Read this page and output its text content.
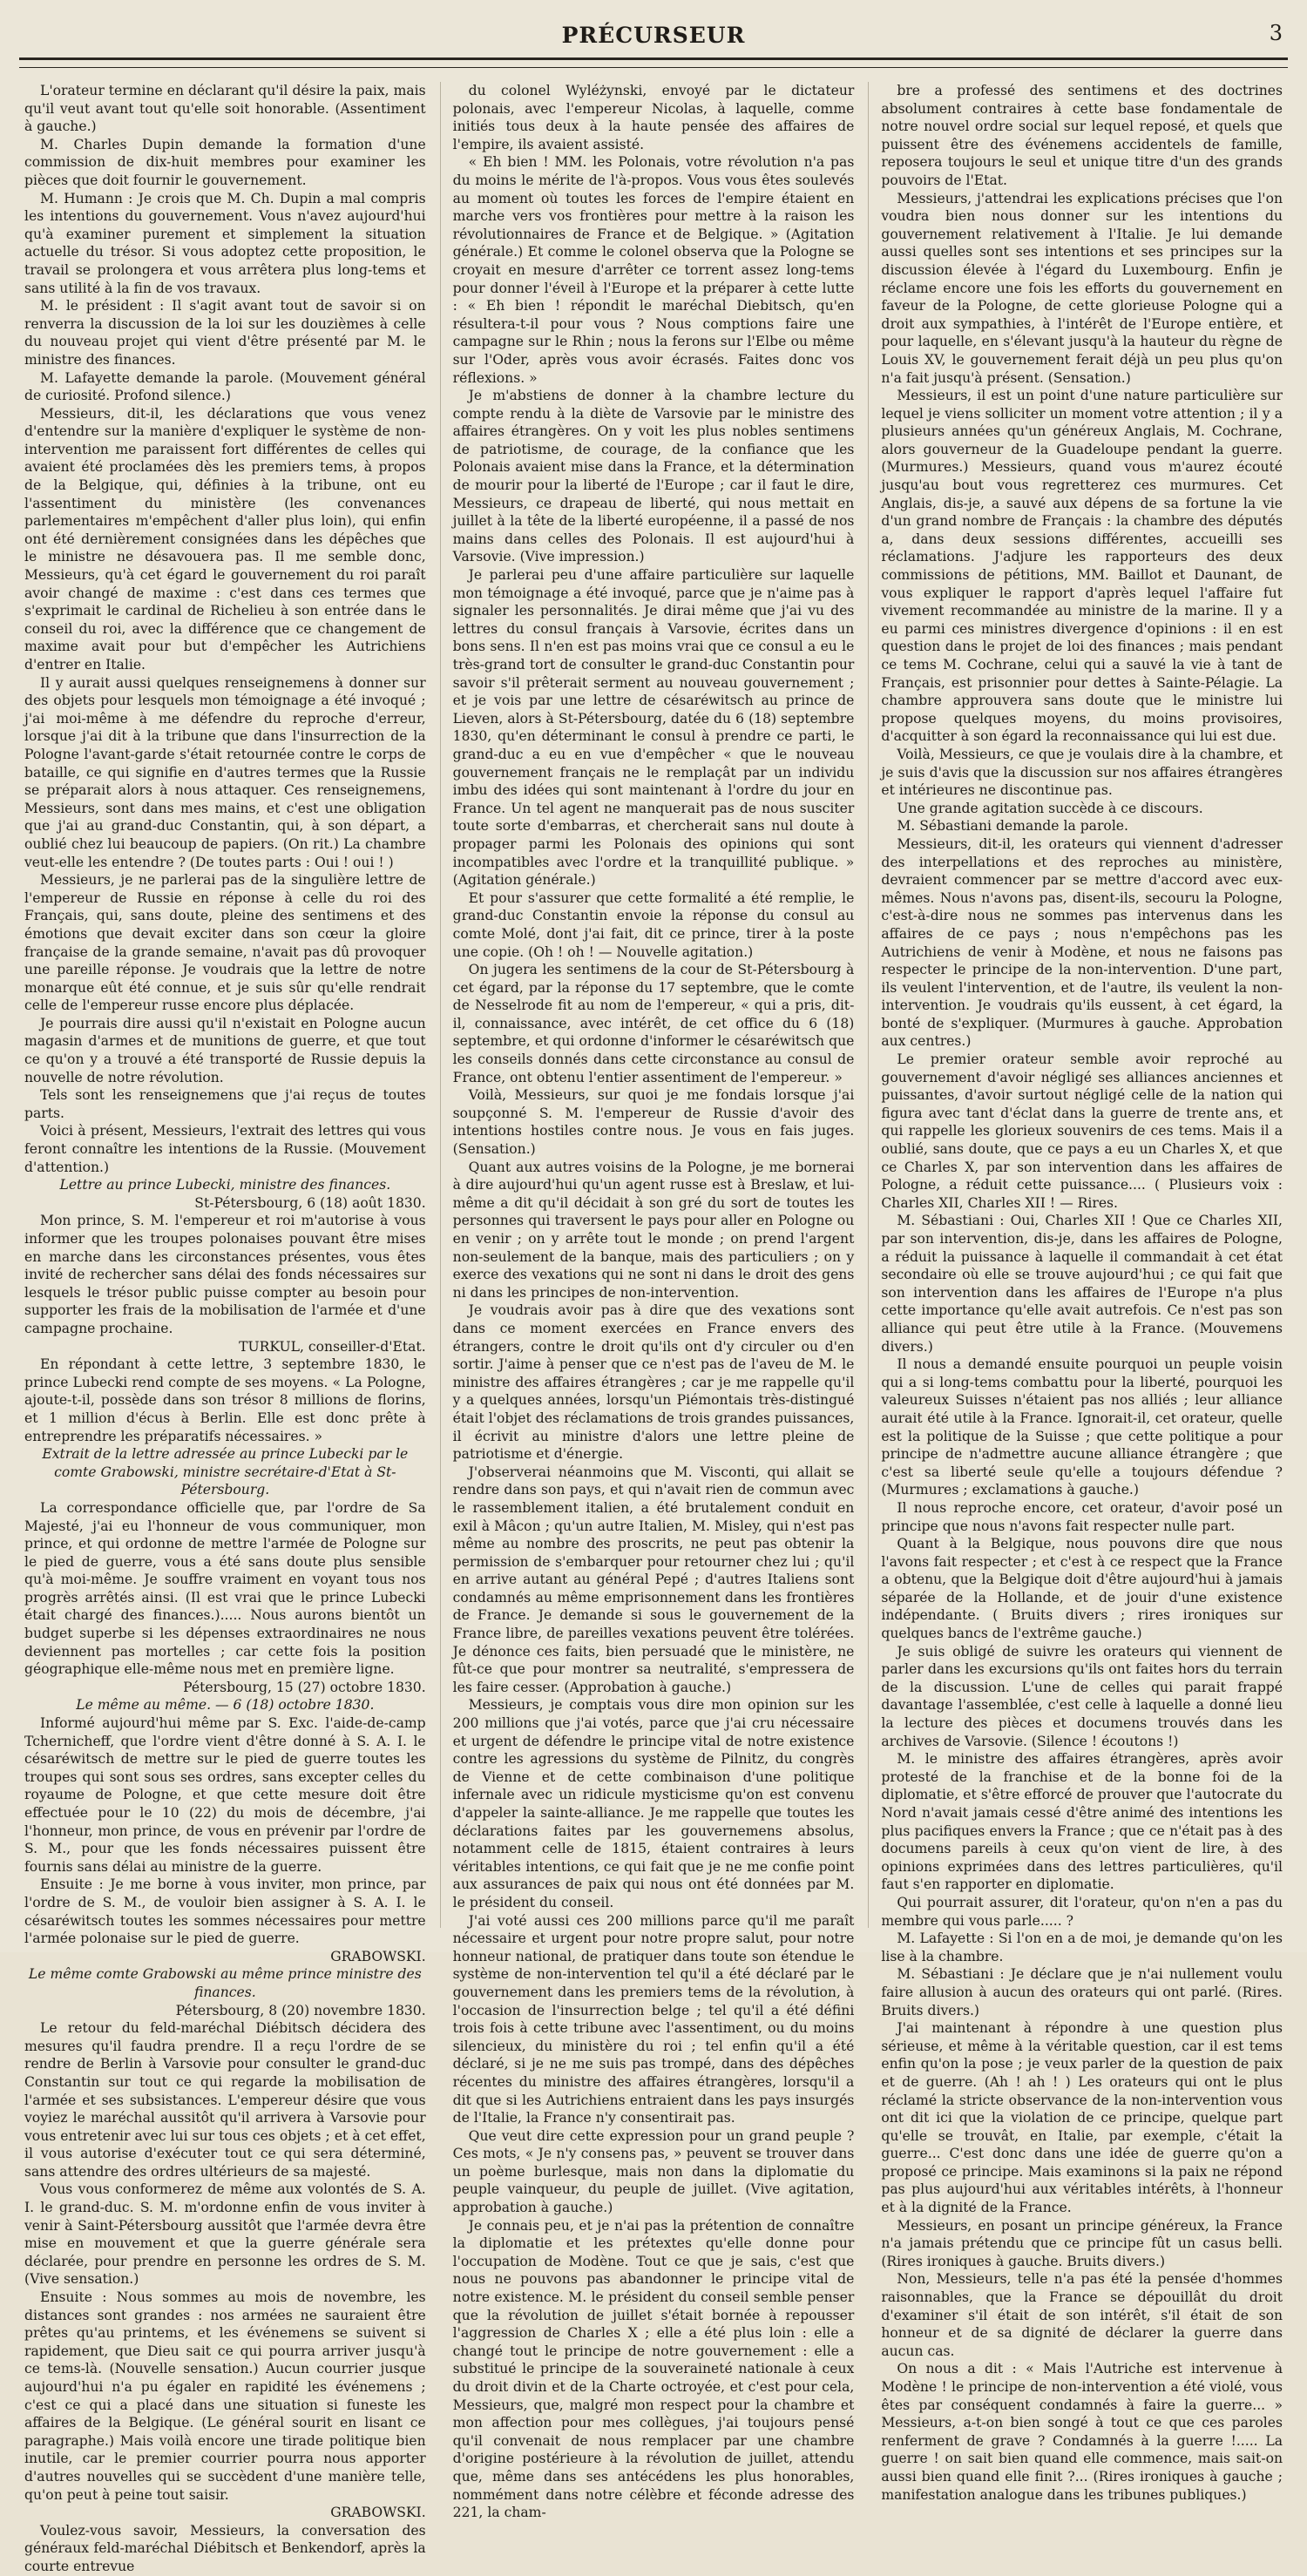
PRÉCURSEUR	3

L'orateur termine en déclarant qu'il désire la paix, mais qu'il veut avant tout qu'elle soit honorable. (Assentiment à gauche.)

M. Charles Dupin demande la formation d'une commission de dix-huit membres pour examiner les pièces que doit fournir le gouvernement.

M. Humann : Je crois que M. Ch. Dupin a mal compris les intentions du gouvernement. Vous n'avez aujourd'hui qu'à examiner purement et simplement la situation actuelle du trésor. Si vous adoptez cette proposition, le travail se prolongera et vous arrêtera plus long-tems et sans utilité à la fin de vos travaux.

M. le président : Il s'agit avant tout de savoir si on renverra la discussion de la loi sur les douzièmes à celle du nouveau projet qui vient d'être présenté par M. le ministre des finances.

M. Lafayette demande la parole. (Mouvement général de curiosité. Profond silence.)

Messieurs, dit-il, les déclarations que vous venez d'entendre sur la manière d'expliquer le système de non-intervention me paraissent fort différentes de celles qui avaient été proclamées dès les premiers tems, à propos de la Belgique, qui, définies à la tribune, ont eu l'assentiment du ministère (les convenances parlementaires m'empêchent d'aller plus loin), qui enfin ont été dernièrement consignées dans les dépêches que le ministre ne désavouera pas. Il me semble donc, Messieurs, qu'à cet égard le gouvernement du roi paraît avoir changé de maxime : c'est dans ces termes que s'exprimait le cardinal de Richelieu à son entrée dans le conseil du roi, avec la différence que ce changement de maxime avait pour but d'empêcher les Autrichiens d'entrer en Italie.

Il y aurait aussi quelques renseignemens à donner sur des objets pour lesquels mon témoignage a été invoqué ; j'ai moi-même à me défendre du reproche d'erreur, lorsque j'ai dit à la tribune que dans l'insurrection de la Pologne l'avant-garde s'était retournée contre le corps de bataille, ce qui signifie en d'autres termes que la Russie se préparait alors à nous attaquer. Ces renseignemens, Messieurs, sont dans mes mains, et c'est une obligation que j'ai au grand-duc Constantin, qui, à son départ, a oublié chez lui beaucoup de papiers. (On rit.) La chambre veut-elle les entendre ? (De toutes parts : Oui ! oui ! )

Messieurs, je ne parlerai pas de la singulière lettre de l'empereur de Russie en réponse à celle du roi des Français, qui, sans doute, pleine des sentimens et des émotions que devait exciter dans son cœur la gloire française de la grande semaine, n'avait pas dû provoquer une pareille réponse. Je voudrais que la lettre de notre monarque eût été connue, et je suis sûr qu'elle rendrait celle de l'empereur russe encore plus déplacée.

Je pourrais dire aussi qu'il n'existait en Pologne aucun magasin d'armes et de munitions de guerre, et que tout ce qu'on y a trouvé a été transporté de Russie depuis la nouvelle de notre révolution.

Tels sont les renseignemens que j'ai reçus de toutes parts.

Voici à présent, Messieurs, l'extrait des lettres qui vous feront connaître les intentions de la Russie. (Mouvement d'attention.)

Lettre au prince Lubecki, ministre des finances.

St-Pétersbourg, 6 (18) août 1830.

Mon prince, S. M. l'empereur et roi m'autorise à vous informer que les troupes polonaises pouvant être mises en marche dans les circonstances présentes, vous êtes invité de rechercher sans délai des fonds nécessaires sur lesquels le trésor public puisse compter au besoin pour supporter les frais de la mobilisation de l'armée et d'une campagne prochaine.

TURKUL, conseiller-d'Etat.

En répondant à cette lettre, 3 septembre 1830, le prince Lubecki rend compte de ses moyens. « La Pologne, ajoute-t-il, possède dans son trésor 8 millions de florins, et 1 million d'écus à Berlin. Elle est donc prête à entreprendre les préparatifs nécessaires. »

Extrait de la lettre adressée au prince Lubecki par le comte Grabowski, ministre secrétaire-d'Etat à St-Pétersbourg.

La correspondance officielle que, par l'ordre de Sa Majesté, j'ai eu l'honneur de vous communiquer, mon prince, et qui ordonne de mettre l'armée de Pologne sur le pied de guerre, vous a été sans doute plus sensible qu'à moi-même. Je souffre vraiment en voyant tous nos progrès arrêtés ainsi. (Il est vrai que le prince Lubecki était chargé des finances.)..... Nous aurons bientôt un budget superbe si les dépenses extraordinaires ne nous deviennent pas mortelles ; car cette fois la position géographique elle-même nous met en première ligne.

Pétersbourg, 15 (27) octobre 1830.

Le même au même. — 6 (18) octobre 1830.

Informé aujourd'hui même par S. Exc. l'aide-de-camp Tchernicheff, que l'ordre vient d'être donné à S. A. I. le césaréwitsch de mettre sur le pied de guerre toutes les troupes qui sont sous ses ordres, sans excepter celles du royaume de Pologne, et que cette mesure doit être effectuée pour le 10 (22) du mois de décembre, j'ai l'honneur, mon prince, de vous en prévenir par l'ordre de S. M., pour que les fonds nécessaires puissent être fournis sans délai au ministre de la guerre.

Ensuite : Je me borne à vous inviter, mon prince, par l'ordre de S. M., de vouloir bien assigner à S. A. I. le césaréwitsch toutes les sommes nécessaires pour mettre l'armée polonaise sur le pied de guerre.

GRABOWSKI.

Le même comte Grabowski au même prince ministre des finances.

Pétersbourg, 8 (20) novembre 1830.

Le retour du feld-maréchal Diébitsch décidera des mesures qu'il faudra prendre. Il a reçu l'ordre de se rendre de Berlin à Varsovie pour consulter le grand-duc Constantin sur tout ce qui regarde la mobilisation de l'armée et ses subsistances. L'empereur désire que vous voyiez le maréchal aussitôt qu'il arrivera à Varsovie pour vous entretenir avec lui sur tous ces objets ; et à cet effet, il vous autorise d'exécuter tout ce qui sera déterminé, sans attendre des ordres ultérieurs de sa majesté.

Vous vous conformerez de même aux volontés de S. A. I. le grand-duc. S. M. m'ordonne enfin de vous inviter à venir à Saint-Pétersbourg aussitôt que l'armée devra être mise en mouvement et que la guerre générale sera déclarée, pour prendre en personne les ordres de S. M. (Vive sensation.)

Ensuite : Nous sommes au mois de novembre, les distances sont grandes : nos armées ne sauraient être prêtes qu'au printems, et les événemens se suivent si rapidement, que Dieu sait ce qui pourra arriver jusqu'à ce tems-là. (Nouvelle sensation.) Aucun courrier jusque aujourd'hui n'a pu égaler en rapidité les événemens ; c'est ce qui a placé dans une situation si funeste les affaires de la Belgique. (Le général sourit en lisant ce paragraphe.) Mais voilà encore une tirade politique bien inutile, car le premier courrier pourra nous apporter d'autres nouvelles qui se succèdent d'une manière telle, qu'on peut à peine tout saisir.

GRABOWSKI.

Voulez-vous savoir, Messieurs, la conversation des généraux feld-maréchal Diébitsch et Benkendorf, après la courte entrevue

du colonel Wyléżynski, envoyé par le dictateur polonais, avec l'empereur Nicolas, à laquelle, comme initiés tous deux à la haute pensée des affaires de l'empire, ils avaient assisté.

« Eh bien ! MM. les Polonais, votre révolution n'a pas du moins le mérite de l'à-propos. Vous vous êtes soulevés au moment où toutes les forces de l'empire étaient en marche vers vos frontières pour mettre à la raison les révolutionnaires de France et de Belgique. » (Agitation générale.) Et comme le colonel observa que la Pologne se croyait en mesure d'arrêter ce torrent assez long-tems pour donner l'éveil à l'Europe et la préparer à cette lutte : « Eh bien ! répondit le maréchal Diebitsch, qu'en résultera-t-il pour vous ? Nous comptions faire une campagne sur le Rhin ; nous la ferons sur l'Elbe ou même sur l'Oder, après vous avoir écrasés. Faites donc vos réflexions. »

Je m'abstiens de donner à la chambre lecture du compte rendu à la diète de Varsovie par le ministre des affaires étrangères. On y voit les plus nobles sentimens de patriotisme, de courage, de la confiance que les Polonais avaient mise dans la France, et la détermination de mourir pour la liberté de l'Europe ; car il faut le dire, Messieurs, ce drapeau de liberté, qui nous mettait en juillet à la tête de la liberté européenne, il a passé de nos mains dans celles des Polonais. Il est aujourd'hui à Varsovie. (Vive impression.)

Je parlerai peu d'une affaire particulière sur laquelle mon témoignage a été invoqué, parce que je n'aime pas à signaler les personnalités. Je dirai même que j'ai vu des lettres du consul français à Varsovie, écrites dans un bons sens. Il n'en est pas moins vrai que ce consul a eu le très-grand tort de consulter le grand-duc Constantin pour savoir s'il prêterait serment au nouveau gouvernement ; et je vois par une lettre de césaréwitsch au prince de Lieven, alors à St-Pétersbourg, datée du 6 (18) septembre 1830, qu'en déterminant le consul à prendre ce parti, le grand-duc a eu en vue d'empêcher « que le nouveau gouvernement français ne le remplaçât par un individu imbu des idées qui sont maintenant à l'ordre du jour en France. Un tel agent ne manquerait pas de nous susciter toute sorte d'embarras, et chercherait sans nul doute à propager parmi les Polonais des opinions qui sont incompatibles avec l'ordre et la tranquillité publique. » (Agitation générale.)

Et pour s'assurer que cette formalité a été remplie, le grand-duc Constantin envoie la réponse du consul au comte Molé, dont j'ai fait, dit ce prince, tirer à la poste une copie. (Oh ! oh ! — Nouvelle agitation.)

On jugera les sentimens de la cour de St-Pétersbourg à cet égard, par la réponse du 17 septembre, que le comte de Nesselrode fit au nom de l'empereur, « qui a pris, dit-il, connaissance, avec intérêt, de cet office du 6 (18) septembre, et qui ordonne d'informer le césaréwitsch que les conseils donnés dans cette circonstance au consul de France, ont obtenu l'entier assentiment de l'empereur. »

Voilà, Messieurs, sur quoi je me fondais lorsque j'ai soupçonné S. M. l'empereur de Russie d'avoir des intentions hostiles contre nous. Je vous en fais juges. (Sensation.)

Quant aux autres voisins de la Pologne, je me bornerai à dire aujourd'hui qu'un agent russe est à Breslaw, et lui-même a dit qu'il décidait à son gré du sort de toutes les personnes qui traversent le pays pour aller en Pologne ou en venir ; on y arrête tout le monde ; on prend l'argent non-seulement de la banque, mais des particuliers ; on y exerce des vexations qui ne sont ni dans le droit des gens ni dans les principes de non-intervention.

Je voudrais avoir pas à dire que des vexations sont dans ce moment exercées en France envers des étrangers, contre le droit qu'ils ont d'y circuler ou d'en sortir. J'aime à penser que ce n'est pas de l'aveu de M. le ministre des affaires étrangères ; car je me rappelle qu'il y a quelques années, lorsqu'un Piémontais très-distingué était l'objet des réclamations de trois grandes puissances, il écrivit au ministre d'alors une lettre pleine de patriotisme et d'énergie.

J'observerai néanmoins que M. Visconti, qui allait se rendre dans son pays, et qui n'avait rien de commun avec le rassemblement italien, a été brutalement conduit en exil à Mâcon ; qu'un autre Italien, M. Misley, qui n'est pas même au nombre des proscrits, ne peut pas obtenir la permission de s'embarquer pour retourner chez lui ; qu'il en arrive autant au général Pepé ; d'autres Italiens sont condamnés au même emprisonnement dans les frontières de France. Je demande si sous le gouvernement de la France libre, de pareilles vexations peuvent être tolérées. Je dénonce ces faits, bien persuadé que le ministère, ne fût-ce que pour montrer sa neutralité, s'empressera de les faire cesser. (Approbation à gauche.)

Messieurs, je comptais vous dire mon opinion sur les 200 millions que j'ai votés, parce que j'ai cru nécessaire et urgent de défendre le principe vital de notre existence contre les agressions du système de Pilnitz, du congrès de Vienne et de cette combinaison d'une politique infernale avec un ridicule mysticisme qu'on est convenu d'appeler la sainte-alliance. Je me rappelle que toutes les déclarations faites par les gouvernemens absolus, notamment celle de 1815, étaient contraires à leurs véritables intentions, ce qui fait que je ne me confie point aux assurances de paix qui nous ont été données par M. le président du conseil.

J'ai voté aussi ces 200 millions parce qu'il me paraît nécessaire et urgent pour notre propre salut, pour notre honneur national, de pratiquer dans toute son étendue le système de non-intervention tel qu'il a été déclaré par le gouvernement dans les premiers tems de la révolution, à l'occasion de l'insurrection belge ; tel qu'il a été défini trois fois à cette tribune avec l'assentiment, ou du moins silencieux, du ministère du roi ; tel enfin qu'il a été déclaré, si je ne me suis pas trompé, dans des dépêches récentes du ministre des affaires étrangères, lorsqu'il a dit que si les Autrichiens entraient dans les pays insurgés de l'Italie, la France n'y consentirait pas.

Que veut dire cette expression pour un grand peuple ? Ces mots, « Je n'y consens pas, » peuvent se trouver dans un poème burlesque, mais non dans la diplomatie du peuple vainqueur, du peuple de juillet. (Vive agitation, approbation à gauche.)

Je connais peu, et je n'ai pas la prétention de connaître la diplomatie et les prétextes qu'elle donne pour l'occupation de Modène. Tout ce que je sais, c'est que nous ne pouvons pas abandonner le principe vital de notre existence. M. le président du conseil semble penser que la révolution de juillet s'était bornée à repousser l'aggression de Charles X ; elle a été plus loin : elle a changé tout le principe de notre gouvernement : elle a substitué le principe de la souveraineté nationale à ceux du droit divin et de la Charte octroyée, et c'est pour cela, Messieurs, que, malgré mon respect pour la chambre et mon affection pour mes collègues, j'ai toujours pensé qu'il convenait de nous remplacer par une chambre d'origine postérieure à la révolution de juillet, attendu que, même dans ses antécédens les plus honorables, nommément dans notre célèbre et féconde adresse des 221, la cham-

bre a professé des sentimens et des doctrines absolument contraires à cette base fondamentale de notre nouvel ordre social sur lequel reposé, et quels que puissent être des événemens accidentels de famille, reposera toujours le seul et unique titre d'un des grands pouvoirs de l'Etat.

Messieurs, j'attendrai les explications précises que l'on voudra bien nous donner sur les intentions du gouvernement relativement à l'Italie. Je lui demande aussi quelles sont ses intentions et ses principes sur la discussion élevée à l'égard du Luxembourg. Enfin je réclame encore une fois les efforts du gouvernement en faveur de la Pologne, de cette glorieuse Pologne qui a droit aux sympathies, à l'intérêt de l'Europe entière, et pour laquelle, en s'élevant jusqu'à la hauteur du règne de Louis XV, le gouvernement ferait déjà un peu plus qu'on n'a fait jusqu'à présent. (Sensation.)

Messieurs, il est un point d'une nature particulière sur lequel je viens solliciter un moment votre attention ; il y a plusieurs années qu'un généreux Anglais, M. Cochrane, alors gouverneur de la Guadeloupe pendant la guerre. (Murmures.) Messieurs, quand vous m'aurez écouté jusqu'au bout vous regretterez ces murmures. Cet Anglais, dis-je, a sauvé aux dépens de sa fortune la vie d'un grand nombre de Français : la chambre des députés a, dans deux sessions différentes, accueilli ses réclamations. J'adjure les rapporteurs des deux commissions de pétitions, MM. Baillot et Daunant, de vous expliquer le rapport d'après lequel l'affaire fut vivement recommandée au ministre de la marine. Il y a eu parmi ces ministres divergence d'opinions : il en est question dans le projet de loi des finances ; mais pendant ce tems M. Cochrane, celui qui a sauvé la vie à tant de Français, est prisonnier pour dettes à Sainte-Pélagie. La chambre approuvera sans doute que le ministre lui propose quelques moyens, du moins provisoires, d'acquitter à son égard la reconnaissance qui lui est due.

Voilà, Messieurs, ce que je voulais dire à la chambre, et je suis d'avis que la discussion sur nos affaires étrangères et intérieures ne discontinue pas.

Une grande agitation succède à ce discours.

M. Sébastiani demande la parole.

Messieurs, dit-il, les orateurs qui viennent d'adresser des interpellations et des reproches au ministère, devraient commencer par se mettre d'accord avec eux-mêmes. Nous n'avons pas, disent-ils, secouru la Pologne, c'est-à-dire nous ne sommes pas intervenus dans les affaires de ce pays ; nous n'empêchons pas les Autrichiens de venir à Modène, et nous ne faisons pas respecter le principe de la non-intervention. D'une part, ils veulent l'intervention, et de l'autre, ils veulent la non-intervention. Je voudrais qu'ils eussent, à cet égard, la bonté de s'expliquer. (Murmures à gauche. Approbation aux centres.)

Le premier orateur semble avoir reproché au gouvernement d'avoir négligé ses alliances anciennes et puissantes, d'avoir surtout négligé celle de la nation qui figura avec tant d'éclat dans la guerre de trente ans, et qui rappelle les glorieux souvenirs de ces tems. Mais il a oublié, sans doute, que ce pays a eu un Charles X, et que ce Charles X, par son intervention dans les affaires de Pologne, a réduit cette puissance.... ( Plusieurs voix : Charles XII, Charles XII ! — Rires.

M. Sébastiani : Oui, Charles XII ! Que ce Charles XII, par son intervention, dis-je, dans les affaires de Pologne, a réduit la puissance à laquelle il commandait à cet état secondaire où elle se trouve aujourd'hui ; ce qui fait que son intervention dans les affaires de l'Europe n'a plus cette importance qu'elle avait autrefois. Ce n'est pas son alliance qui peut être utile à la France. (Mouvemens divers.)

Il nous a demandé ensuite pourquoi un peuple voisin qui a si long-tems combattu pour la liberté, pourquoi les valeureux Suisses n'étaient pas nos alliés ; leur alliance aurait été utile à la France. Ignorait-il, cet orateur, quelle est la politique de la Suisse ; que cette politique a pour principe de n'admettre aucune alliance étrangère ; que c'est sa liberté seule qu'elle a toujours défendue ? (Murmures ; exclamations à gauche.)

Il nous reproche encore, cet orateur, d'avoir posé un principe que nous n'avons fait respecter nulle part.

Quant à la Belgique, nous pouvons dire que nous l'avons fait respecter ; et c'est à ce respect que la France a obtenu, que la Belgique doit d'être aujourd'hui à jamais séparée de la Hollande, et de jouir d'une existence indépendante. ( Bruits divers ; rires ironiques sur quelques bancs de l'extrême gauche.)

Je suis obligé de suivre les orateurs qui viennent de parler dans les excursions qu'ils ont faites hors du terrain de la discussion. L'une de celles qui parait frappé davantage l'assemblée, c'est celle à laquelle a donné lieu la lecture des pièces et documens trouvés dans les archives de Varsovie. (Silence ! écoutons !)

M. le ministre des affaires étrangères, après avoir protesté de la franchise et de la bonne foi de la diplomatie, et s'être efforcé de prouver que l'autocrate du Nord n'avait jamais cessé d'être animé des intentions les plus pacifiques envers la France ; que ce n'était pas à des documens pareils à ceux qu'on vient de lire, à des opinions exprimées dans des lettres particulières, qu'il faut s'en rapporter en diplomatie.

Qui pourrait assurer, dit l'orateur, qu'on n'en a pas du membre qui vous parle..... ?

M. Lafayette : Si l'on en a de moi, je demande qu'on les lise à la chambre.

M. Sébastiani : Je déclare que je n'ai nullement voulu faire allusion à aucun des orateurs qui ont parlé. (Rires. Bruits divers.)

J'ai maintenant à répondre à une question plus sérieuse, et même à la véritable question, car il est tems enfin qu'on la pose ; je veux parler de la question de paix et de guerre. (Ah ! ah ! ) Les orateurs qui ont le plus réclamé la stricte observance de la non-intervention vous ont dit ici que la violation de ce principe, quelque part qu'elle se trouvât, en Italie, par exemple, c'était la guerre... C'est donc dans une idée de guerre qu'on a proposé ce principe. Mais examinons si la paix ne répond pas plus aujourd'hui aux véritables intérêts, à l'honneur et à la dignité de la France.

Messieurs, en posant un principe généreux, la France n'a jamais prétendu que ce principe fût un casus belli. (Rires ironiques à gauche. Bruits divers.)

Non, Messieurs, telle n'a pas été la pensée d'hommes raisonnables, que la France se dépouillât du droit d'examiner s'il était de son intérêt, s'il était de son honneur et de sa dignité de déclarer la guerre dans aucun cas.

On nous a dit : « Mais l'Autriche est intervenue à Modène ! le principe de non-intervention a été violé, vous êtes par conséquent condamnés à faire la guerre... » Messieurs, a-t-on bien songé à tout ce que ces paroles renferment de grave ? Condamnés à la guerre !..... La guerre ! on sait bien quand elle commence, mais sait-on aussi bien quand elle finit ?... (Rires ironiques à gauche ; manifestation analogue dans les tribunes publiques.)
